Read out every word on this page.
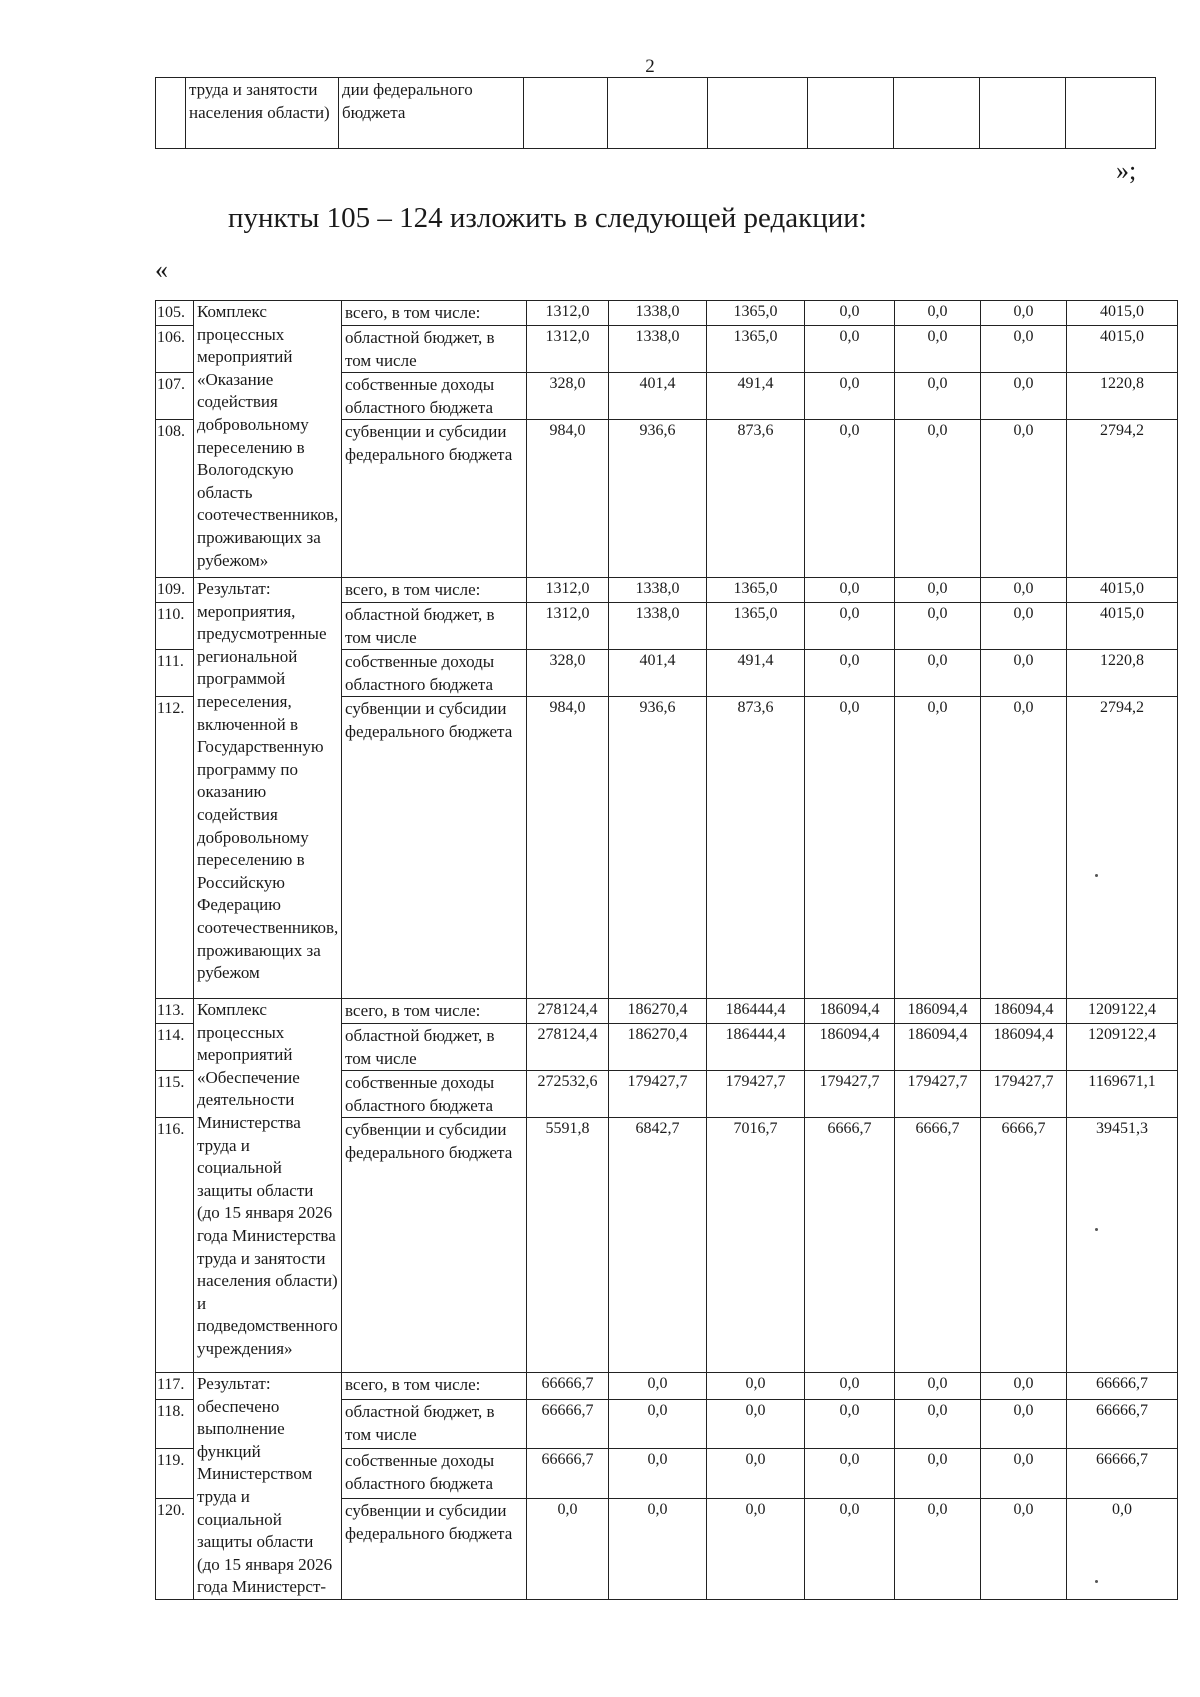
2
	труда и занятости населения области)	дии федерального бюджета							
»;
пункты 105 – 124 изложить в следующей редакции:
«
105.	Комплекс процессных мероприятий «Оказание содействия добровольному переселению в Вологодскую область соотечественников, проживающих за рубежом»	всего, в том числе:	1312,0	1338,0	1365,0	0,0	0,0	0,0	4015,0
106.		областной бюджет, в том числе	1312,0	1338,0	1365,0	0,0	0,0	0,0	4015,0
107.		собственные доходы областного бюджета	328,0	401,4	491,4	0,0	0,0	0,0	1220,8
108.		субвенции и субсидии федерального бюджета	984,0	936,6	873,6	0,0	0,0	0,0	2794,2
109.	Результат: мероприятия, предусмотренные региональной программой переселения, включенной в Государственную программу по оказанию содействия добровольному переселению в Российскую Федерацию соотечественников, проживающих за рубежом	всего, в том числе:	1312,0	1338,0	1365,0	0,0	0,0	0,0	4015,0
110.		областной бюджет, в том числе	1312,0	1338,0	1365,0	0,0	0,0	0,0	4015,0
111.		собственные доходы областного бюджета	328,0	401,4	491,4	0,0	0,0	0,0	1220,8
112.		субвенции и субсидии федерального бюджета	984,0	936,6	873,6	0,0	0,0	0,0	2794,2
113.	Комплекс процессных мероприятий «Обеспечение деятельности Министерства труда и социальной защиты области (до 15 января 2026 года Министерства труда и занятости населения области) и подведомственного учреждения»	всего, в том числе:	278124,4	186270,4	186444,4	186094,4	186094,4	186094,4	1209122,4
114.		областной бюджет, в том числе	278124,4	186270,4	186444,4	186094,4	186094,4	186094,4	1209122,4
115.		собственные доходы областного бюджета	272532,6	179427,7	179427,7	179427,7	179427,7	179427,7	1169671,1
116.		субвенции и субсидии федерального бюджета	5591,8	6842,7	7016,7	6666,7	6666,7	6666,7	39451,3
117.	Результат: обеспечено выполнение функций Министерством труда и социальной защиты области (до 15 января 2026 года Министерст-	всего, в том числе:	66666,7	0,0	0,0	0,0	0,0	0,0	66666,7
118.		областной бюджет, в том числе	66666,7	0,0	0,0	0,0	0,0	0,0	66666,7
119.		собственные доходы областного бюджета	66666,7	0,0	0,0	0,0	0,0	0,0	66666,7
120.		субвенции и субсидии федерального бюджета	0,0	0,0	0,0	0,0	0,0	0,0	0,0
